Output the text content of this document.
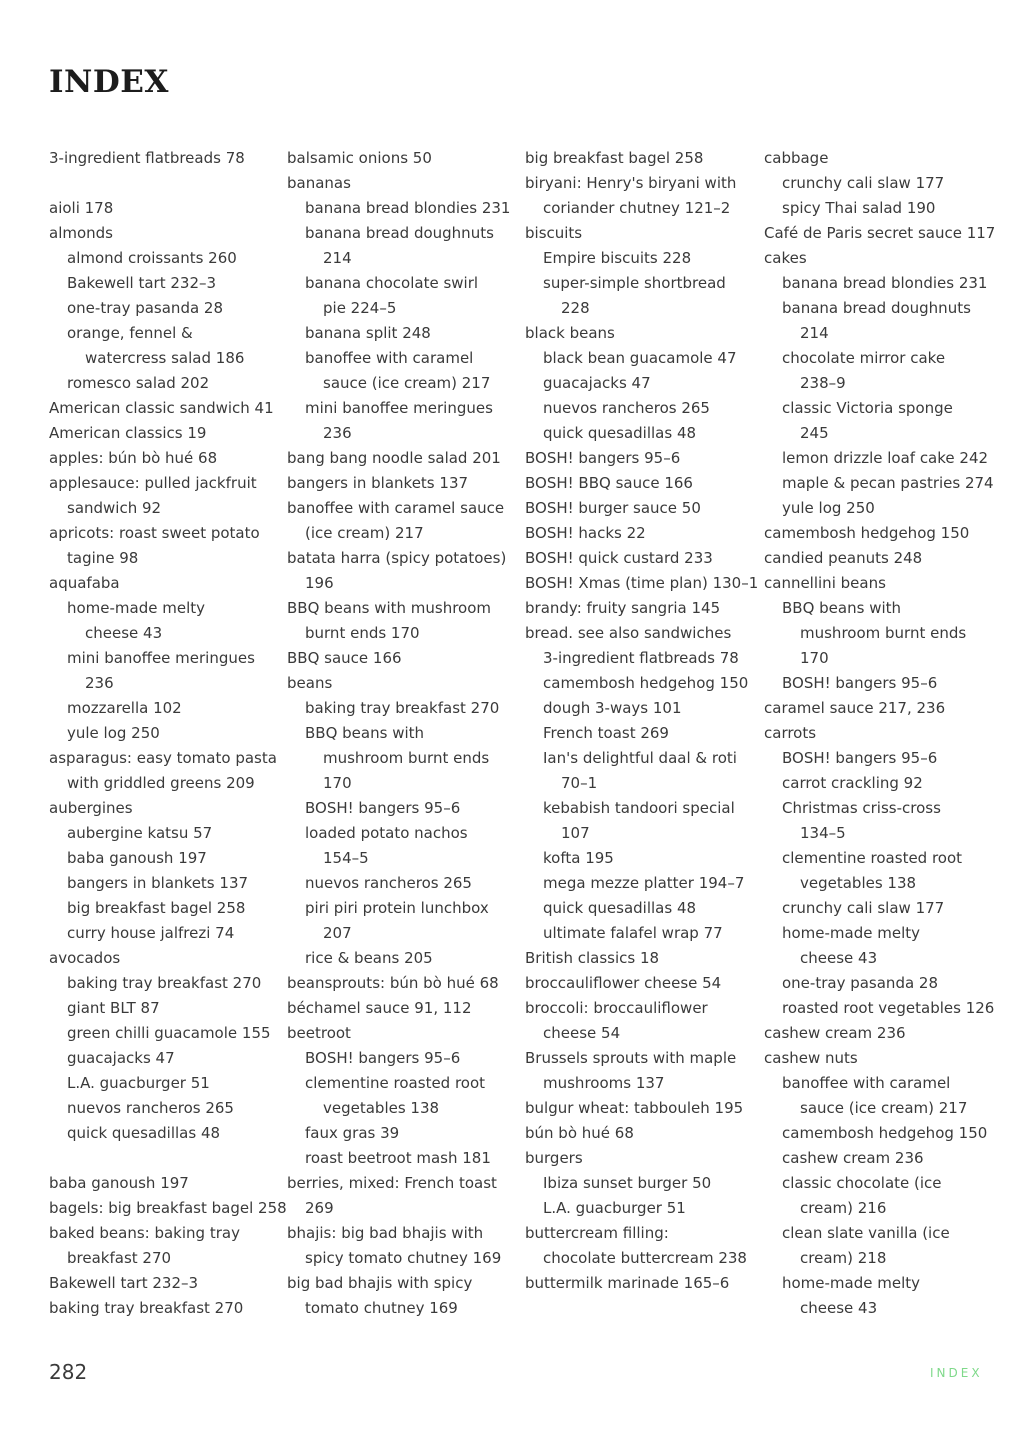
INDEX
3-ingredient flatbreads 78
aioli 178
almonds
almond croissants 260
Bakewell tart 232–3
one-tray pasanda 28
orange, fennel &
watercress salad 186
romesco salad 202
American classic sandwich 41
American classics 19
apples: bún bò hué 68
applesauce: pulled jackfruit
sandwich 92
apricots: roast sweet potato
tagine 98
aquafaba
home-made melty
cheese 43
mini banoffee meringues
236
mozzarella 102
yule log 250
asparagus: easy tomato pasta
with griddled greens 209
aubergines
aubergine katsu 57
baba ganoush 197
bangers in blankets 137
big breakfast bagel 258
curry house jalfrezi 74
avocados
baking tray breakfast 270
giant BLT 87
green chilli guacamole 155
guacajacks 47
L.A. guacburger 51
nuevos rancheros 265
quick quesadillas 48
baba ganoush 197
bagels: big breakfast bagel 258
baked beans: baking tray
breakfast 270
Bakewell tart 232–3
baking tray breakfast 270
balsamic onions 50
bananas
banana bread blondies 231
banana bread doughnuts
214
banana chocolate swirl
pie 224–5
banana split 248
banoffee with caramel
sauce (ice cream) 217
mini banoffee meringues
236
bang bang noodle salad 201
bangers in blankets 137
banoffee with caramel sauce
(ice cream) 217
batata harra (spicy potatoes)
196
BBQ beans with mushroom
burnt ends 170
BBQ sauce 166
beans
baking tray breakfast 270
BBQ beans with
mushroom burnt ends
170
BOSH! bangers 95–6
loaded potato nachos
154–5
nuevos rancheros 265
piri piri protein lunchbox
207
rice & beans 205
beansprouts: bún bò hué 68
béchamel sauce 91, 112
beetroot
BOSH! bangers 95–6
clementine roasted root
vegetables 138
faux gras 39
roast beetroot mash 181
berries, mixed: French toast
269
bhajis: big bad bhajis with
spicy tomato chutney 169
big bad bhajis with spicy
tomato chutney 169
big breakfast bagel 258
biryani: Henry's biryani with
coriander chutney 121–2
biscuits
Empire biscuits 228
super-simple shortbread
228
black beans
black bean guacamole 47
guacajacks 47
nuevos rancheros 265
quick quesadillas 48
BOSH! bangers 95–6
BOSH! BBQ sauce 166
BOSH! burger sauce 50
BOSH! hacks 22
BOSH! quick custard 233
BOSH! Xmas (time plan) 130–1
brandy: fruity sangria 145
bread. see also sandwiches
3-ingredient flatbreads 78
camembosh hedgehog 150
dough 3-ways 101
French toast 269
Ian's delightful daal & roti
70–1
kebabish tandoori special
107
kofta 195
mega mezze platter 194–7
quick quesadillas 48
ultimate falafel wrap 77
British classics 18
broccauliflower cheese 54
broccoli: broccauliflower
cheese 54
Brussels sprouts with maple
mushrooms 137
bulgur wheat: tabbouleh 195
bún bò hué 68
burgers
Ibiza sunset burger 50
L.A. guacburger 51
buttercream filling:
chocolate buttercream 238
buttermilk marinade 165–6
cabbage
crunchy cali slaw 177
spicy Thai salad 190
Café de Paris secret sauce 117
cakes
banana bread blondies 231
banana bread doughnuts
214
chocolate mirror cake
238–9
classic Victoria sponge
245
lemon drizzle loaf cake 242
maple & pecan pastries 274
yule log 250
camembosh hedgehog 150
candied peanuts 248
cannellini beans
BBQ beans with
mushroom burnt ends
170
BOSH! bangers 95–6
caramel sauce 217, 236
carrots
BOSH! bangers 95–6
carrot crackling 92
Christmas criss-cross
134–5
clementine roasted root
vegetables 138
crunchy cali slaw 177
home-made melty
cheese 43
one-tray pasanda 28
roasted root vegetables 126
cashew cream 236
cashew nuts
banoffee with caramel
sauce (ice cream) 217
camembosh hedgehog 150
cashew cream 236
classic chocolate (ice
cream) 216
clean slate vanilla (ice
cream) 218
home-made melty
cheese 43
282	INDEX
